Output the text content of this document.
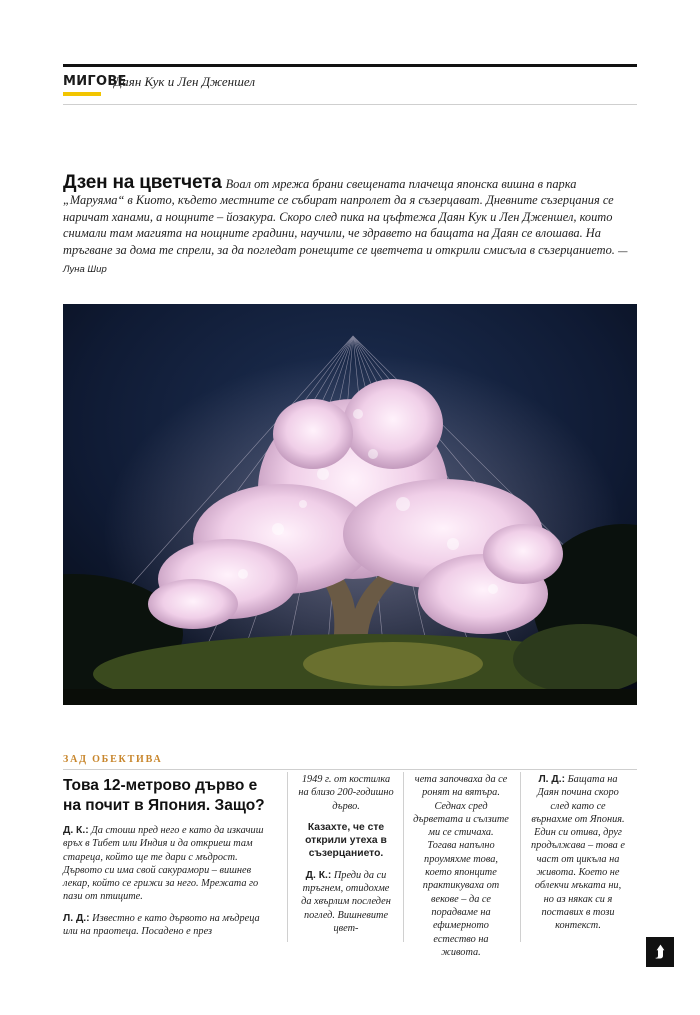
МИГОВЕ
Даян Кук и Лен Дженшел

Дзен на цветчета Воал от мрежа брани свещената плачеща японска вишна в парка „Маруяма“ в Киото, където местните се събират напролет да я съзерцават. Дневните съзерцания се наричат ханами, а нощните – йозакура. Скоро след пика на цъфтежа Даян Кук и Лен Дженшел, които снимали там магията на нощните градини, научили, че здравето на бащата на Даян се влошава. На тръгване за дома те спрели, за да погледат ронещите се цветчета и открили смисъла в съзерцанието. —Луна Шир

ЗАД ОБЕКТИВА

Това 12-метрово дърво е на почит в Япония. Защо?

Д. К.: Да стоиш пред него е като да изкачиш връх в Тибет или Индия и да откриеш там стареца, който ще те дари с мъдрост. Дървото си има свой сакурамори – вишнев лекар, който се грижи за него. Мрежата го пази от птиците.

Л. Д.: Известно е като дървото на мъдреца или на праотеца. Посадено е през

1949 г. от костилка на близо 200-годишно дърво.

Казахте, че сте открили утеха в съзерцанието.

Д. К.: Преди да си тръгнем, отидохме да хвърлим последен поглед. Вишневите цвет-

чета започваха да се ронят на вятъра. Седнах сред дърветата и сълзите ми се стичаха. Тогава напълно проумяхме това, което японците практикуваха от векове – да се порадваме на ефимерното естество на живота.

Л. Д.: Бащата на Даян почина скоро след като се върнахме от Япония. Един си отива, друг продължава – това е част от цикъла на живота. Което не облекчи мъката ни, но аз някак си я поставих в този контекст.

⮭
